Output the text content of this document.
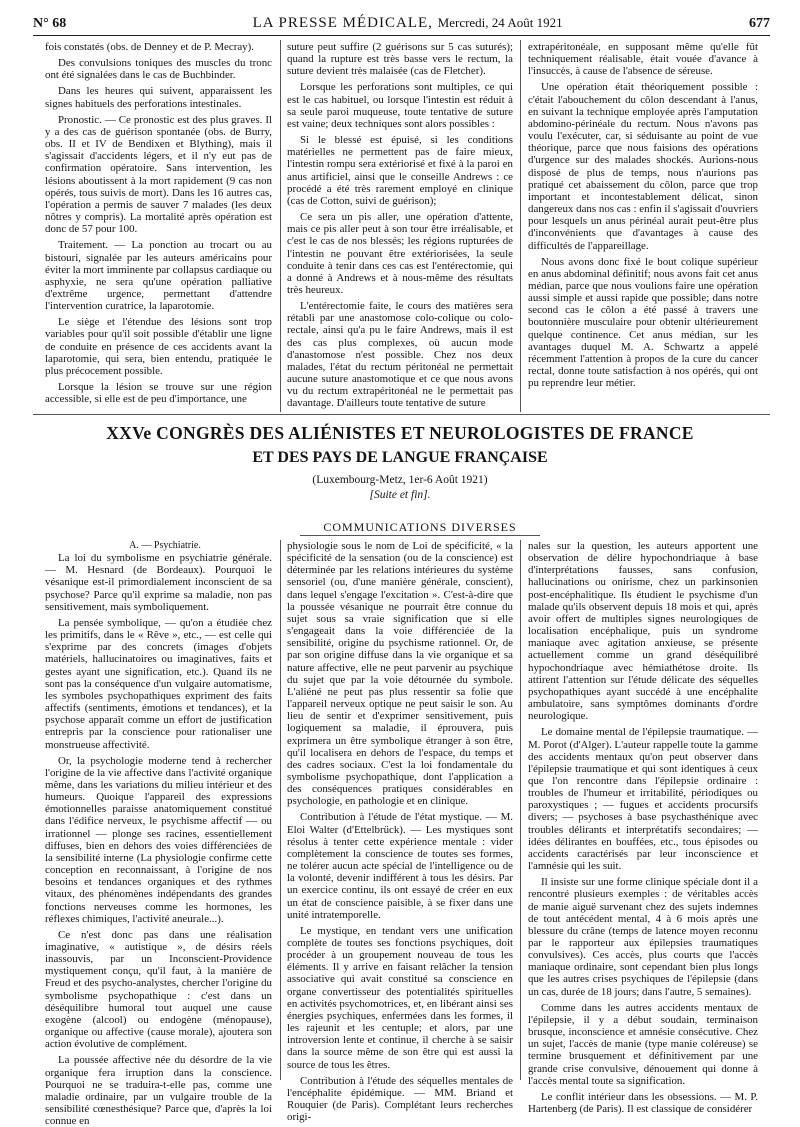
N° 68	LA PRESSE MÉDICALE, Mercredi, 24 Août 1921	677

fois constatés (obs. de Denney et de P. Mecray).

Des convulsions toniques des muscles du tronc ont été signalées dans le cas de Buchbinder.

Dans les heures qui suivent, apparaissent les signes habituels des perforations intestinales.

Pronostic. — Ce pronostic est des plus graves. Il y a des cas de guérison spontanée (obs. de Burry, obs. II et IV de Bendixen et Blything), mais il s'agissait d'accidents légers, et il n'y eut pas de confirmation opératoire. Sans intervention, les lésions aboutissent à la mort rapidement (9 cas non opérés, tous suivis de mort). Dans les 16 autres cas, l'opération a permis de sauver 7 malades (les deux nôtres y compris). La mortalité après opération est donc de 57 pour 100.

Traitement. — La ponction au trocart ou au bistouri, signalée par les auteurs américains pour éviter la mort imminente par collapsus cardiaque ou asphyxie, ne sera qu'une opération palliative d'extrême urgence, permettant d'attendre l'intervention curatrice, la laparotomie.

Le siège et l'étendue des lésions sont trop variables pour qu'il soit possible d'établir une ligne de conduite en présence de ces accidents avant la laparotomie, qui sera, bien entendu, pratiquée le plus précocement possible.

Lorsque la lésion se trouve sur une région accessible, si elle est de peu d'importance, une

suture peut suffire (2 guérisons sur 5 cas suturés); quand la rupture est très basse vers le rectum, la suture devient très malaisée (cas de Fletcher).

Lorsque les perforations sont multiples, ce qui est le cas habituel, ou lorsque l'intestin est réduit à sa seule paroi muqueuse, toute tentative de suture est vaine; deux techniques sont alors possibles :

Si le blessé est épuisé, si les conditions matérielles ne permettent pas de faire mieux, l'intestin rompu sera extériorisé et fixé à la paroi en anus artificiel, ainsi que le conseille Andrews : ce procédé a été très rarement employé en clinique (cas de Cotton, suivi de guérison);

Ce sera un pis aller, une opération d'attente, mais ce pis aller peut à son tour être irréalisable, et c'est le cas de nos blessés; les régions rupturées de l'intestin ne pouvant être extériorisées, la seule conduite à tenir dans ces cas est l'entérectomie, qui a donné à Andrews et à nous-même des résultats très heureux.

L'entérectomie faite, le cours des matières sera rétabli par une anastomose colo-colique ou colo-rectale, ainsi qu'a pu le faire Andrews, mais il est des cas plus complexes, où aucun mode d'anastomose n'est possible. Chez nos deux malades, l'état du rectum péritonéal ne permettait aucune suture anastomotique et ce que nous avons vu du rectum extrapéritonéal ne le permettait pas davantage. D'ailleurs toute tentative de suture

extrapéritonéale, en supposant même qu'elle fût techniquement réalisable, était vouée d'avance à l'insuccès, à cause de l'absence de séreuse.

Une opération était théoriquement possible : c'était l'abouchement du côlon descendant à l'anus, en suivant la technique employée après l'amputation abdomino-périnéale du rectum. Nous n'avons pas voulu l'exécuter, car, si séduisante au point de vue théorique, parce que nous faisions des opérations d'urgence sur des malades shockés. Aurions-nous disposé de plus de temps, nous n'aurions pas pratiqué cet abaissement du côlon, parce que trop important et incontestablement délicat, sinon dangereux dans nos cas : enfin il s'agissait d'ouvriers pour lesquels un anus périnéal aurait peut-être plus d'inconvénients que d'avantages à cause des difficultés de l'appareillage.

Nous avons donc fixé le bout colique supérieur en anus abdominal définitif; nous avons fait cet anus médian, parce que nous voulions faire une opération aussi simple et aussi rapide que possible; dans notre second cas le côlon a été passé à travers une boutonnière musculaire pour obtenir ultérieurement quelque continence. Cet anus médian, sur les avantages duquel M. A. Schwartz a appelé récemment l'attention à propos de la cure du cancer rectal, donne toute satisfaction à nos opérés, qui ont pu reprendre leur métier.

XXVe CONGRÈS DES ALIÉNISTES ET NEUROLOGISTES DE FRANCE
ET DES PAYS DE LANGUE FRANÇAISE
(Luxembourg-Metz, 1er-6 Août 1921)
[Suite et fin].
COMMUNICATIONS DIVERSES

A. — Psychiatrie.

La loi du symbolisme en psychiatrie générale. — M. Hesnard (de Bordeaux). Pourquoi le vésanique est-il primordialement inconscient de sa psychose? Parce qu'il exprime sa maladie, non pas sensitivement, mais symboliquement.

La pensée symbolique, — qu'on a étudiée chez les primitifs, dans le « Rêve », etc., — est celle qui s'exprime par des concrets (images d'objets matériels, hallucinatoires ou imaginatives, faits et gestes ayant une signification, etc.). Quand ils ne sont pas la conséquence d'un vulgaire automatisme, les symboles psychopathiques expriment des faits affectifs (sentiments, émotions et tendances), et la psychose apparaît comme un effort de justification entrepris par la conscience pour rationaliser une monstrueuse affectivité.

Or, la psychologie moderne tend à rechercher l'origine de la vie affective dans l'activité organique même, dans les variations du milieu intérieur et des humeurs. Quoique l'appareil des expressions émotionnelles paraisse anatomiquement constitué dans l'édifice nerveux, le psychisme affectif — ou irrationnel — plonge ses racines, essentiellement diffuses, bien en dehors des voies différenciées de la sensibilité interne (La physiologie confirme cette conception en reconnaissant, à l'origine de nos besoins et tendances organiques et des rythmes vitaux, des phénomènes indépendants des grandes fonctions nerveuses comme les hormones, les réflexes chimiques, l'activité aneurale...).

Ce n'est donc pas dans une réalisation imaginative, « autistique », de désirs réels inassouvis, par un Inconscient-Providence mystiquement conçu, qu'il faut, à la manière de Freud et des psycho-analystes, chercher l'origine du symbolisme psychopathique : c'est dans un déséquilibre humoral tout auquel une cause exogène (alcool) ou endogène (ménopause), organique ou affective (cause morale), ajoutera son action évolutive de complément.

La poussée affective née du désordre de la vie organique fera irruption dans la conscience. Pourquoi ne se traduira-t-elle pas, comme une maladie ordinaire, par un vulgaire trouble de la sensibilité cœnesthésique? Parce que, d'après la loi connue en

physiologie sous le nom de Loi de spécificité, « la spécificité de la sensation (ou de la conscience) est déterminée par les relations intérieures du système sensoriel (ou, d'une manière générale, conscient), dans lequel s'engage l'excitation ». C'est-à-dire que la poussée vésanique ne pourrait être connue du sujet sous sa vraie signification que si elle s'engageait dans la voie différenciée de la sensibilité, origine du psychisme rationnel. Or, de par son origine diffuse dans la vie organique et sa nature affective, elle ne peut parvenir au psychique du sujet que par la voie détournée du symbole. L'aliéné ne peut pas plus ressentir sa folie que l'appareil nerveux optique ne peut saisir le son. Au lieu de sentir et d'exprimer sensitivement, puis logiquement sa maladie, il éprouvera, puis exprimera un être symbolique étranger à son être, qu'il localisera en dehors de l'espace, du temps et des cadres sociaux. C'est la loi fondamentale du symbolisme psychopathique, dont l'application a des conséquences pratiques considérables en psychologie, en pathologie et en clinique.

Contribution à l'étude de l'état mystique. — M. Eloi Walter (d'Ettelbrück). — Les mystiques sont résolus à tenter cette expérience mentale : vider complètement la conscience de toutes ses formes, ne tolérer aucun acte spécial de l'intelligence ou de la volonté, devenir indifférent à tous les désirs. Par un exercice continu, ils ont essayé de créer en eux un état de conscience paisible, à se fixer dans une unité intratemporelle.

Le mystique, en tendant vers une unification complète de toutes ses fonctions psychiques, doit procéder à un groupement nouveau de tous les éléments. Il y arrive en faisant relâcher la tension associative qui avait constitué sa conscience en organe convertisseur des potentialités spirituelles en activités psychomotrices, et, en libérant ainsi ses énergies psychiques, enfermées dans les formes, il les rajeunit et les centuple; et alors, par une introversion lente et continue, il cherche à se saisir dans la source même de son être qui est aussi la source de tous les êtres.

Contribution à l'étude des séquelles mentales de l'encéphalite épidémique. — MM. Briand et Rouquier (de Paris). Complétant leurs recherches origi-

nales sur la question, les auteurs apportent une observation de délire hypochondriaque à base d'interprétations fausses, sans confusion, hallucinations ou onirisme, chez un parkinsonien post-encéphalitique. Ils étudient le psychisme d'un malade qu'ils observent depuis 18 mois et qui, après avoir offert de multiples signes neurologiques de localisation encéphalique, puis un syndrome maniaque avec agitation anxieuse, se présente actuellement comme un grand déséquilibré hypochondriaque avec hémiathétose droite. Ils attirent l'attention sur l'étude délicate des séquelles psychopathiques ayant succédé à une encéphalite ambulatoire, sans symptômes dominants d'ordre neurologique.

Le domaine mental de l'épilepsie traumatique. — M. Porot (d'Alger). L'auteur rappelle toute la gamme des accidents mentaux qu'on peut observer dans l'épilepsie traumatique et qui sont identiques à ceux que l'on rencontre dans l'épilepsie ordinaire : troubles de l'humeur et irritabilité, périodiques ou paroxystiques ; — fugues et accidents procursifs divers; — psychoses à base psychasthénique avec troubles délirants et interprétatifs secondaires; — idées délirantes en bouffées, etc., tous épisodes ou accidents caractérisés par leur inconscience et l'amnésie qui les suit.

Il insiste sur une forme clinique spéciale dont il a rencontré plusieurs exemples : de véritables accès de manie aiguë survenant chez des sujets indemnes de tout antécédent mental, 4 à 6 mois après une blessure du crâne (temps de latence moyen reconnu par le rapporteur aux épilepsies traumatiques convulsives). Ces accès, plus courts que l'accès maniaque ordinaire, sont cependant bien plus longs que les autres crises psychiques de l'épilepsie (dans un cas, durée de 18 jours; dans l'autre, 5 semaines).

Comme dans les autres accidents mentaux de l'épilepsie, il y a début soudain, terminaison brusque, inconscience et amnésie consécutive. Chez un sujet, l'accès de manie (type manie coléreuse) se termine brusquement et définitivement par une grande crise convulsive, dénouement qui donne à l'accès mental toute sa signification.

Le conflit intérieur dans les obsessions. — M. P. Hartenberg (de Paris). Il est classique de considérer
